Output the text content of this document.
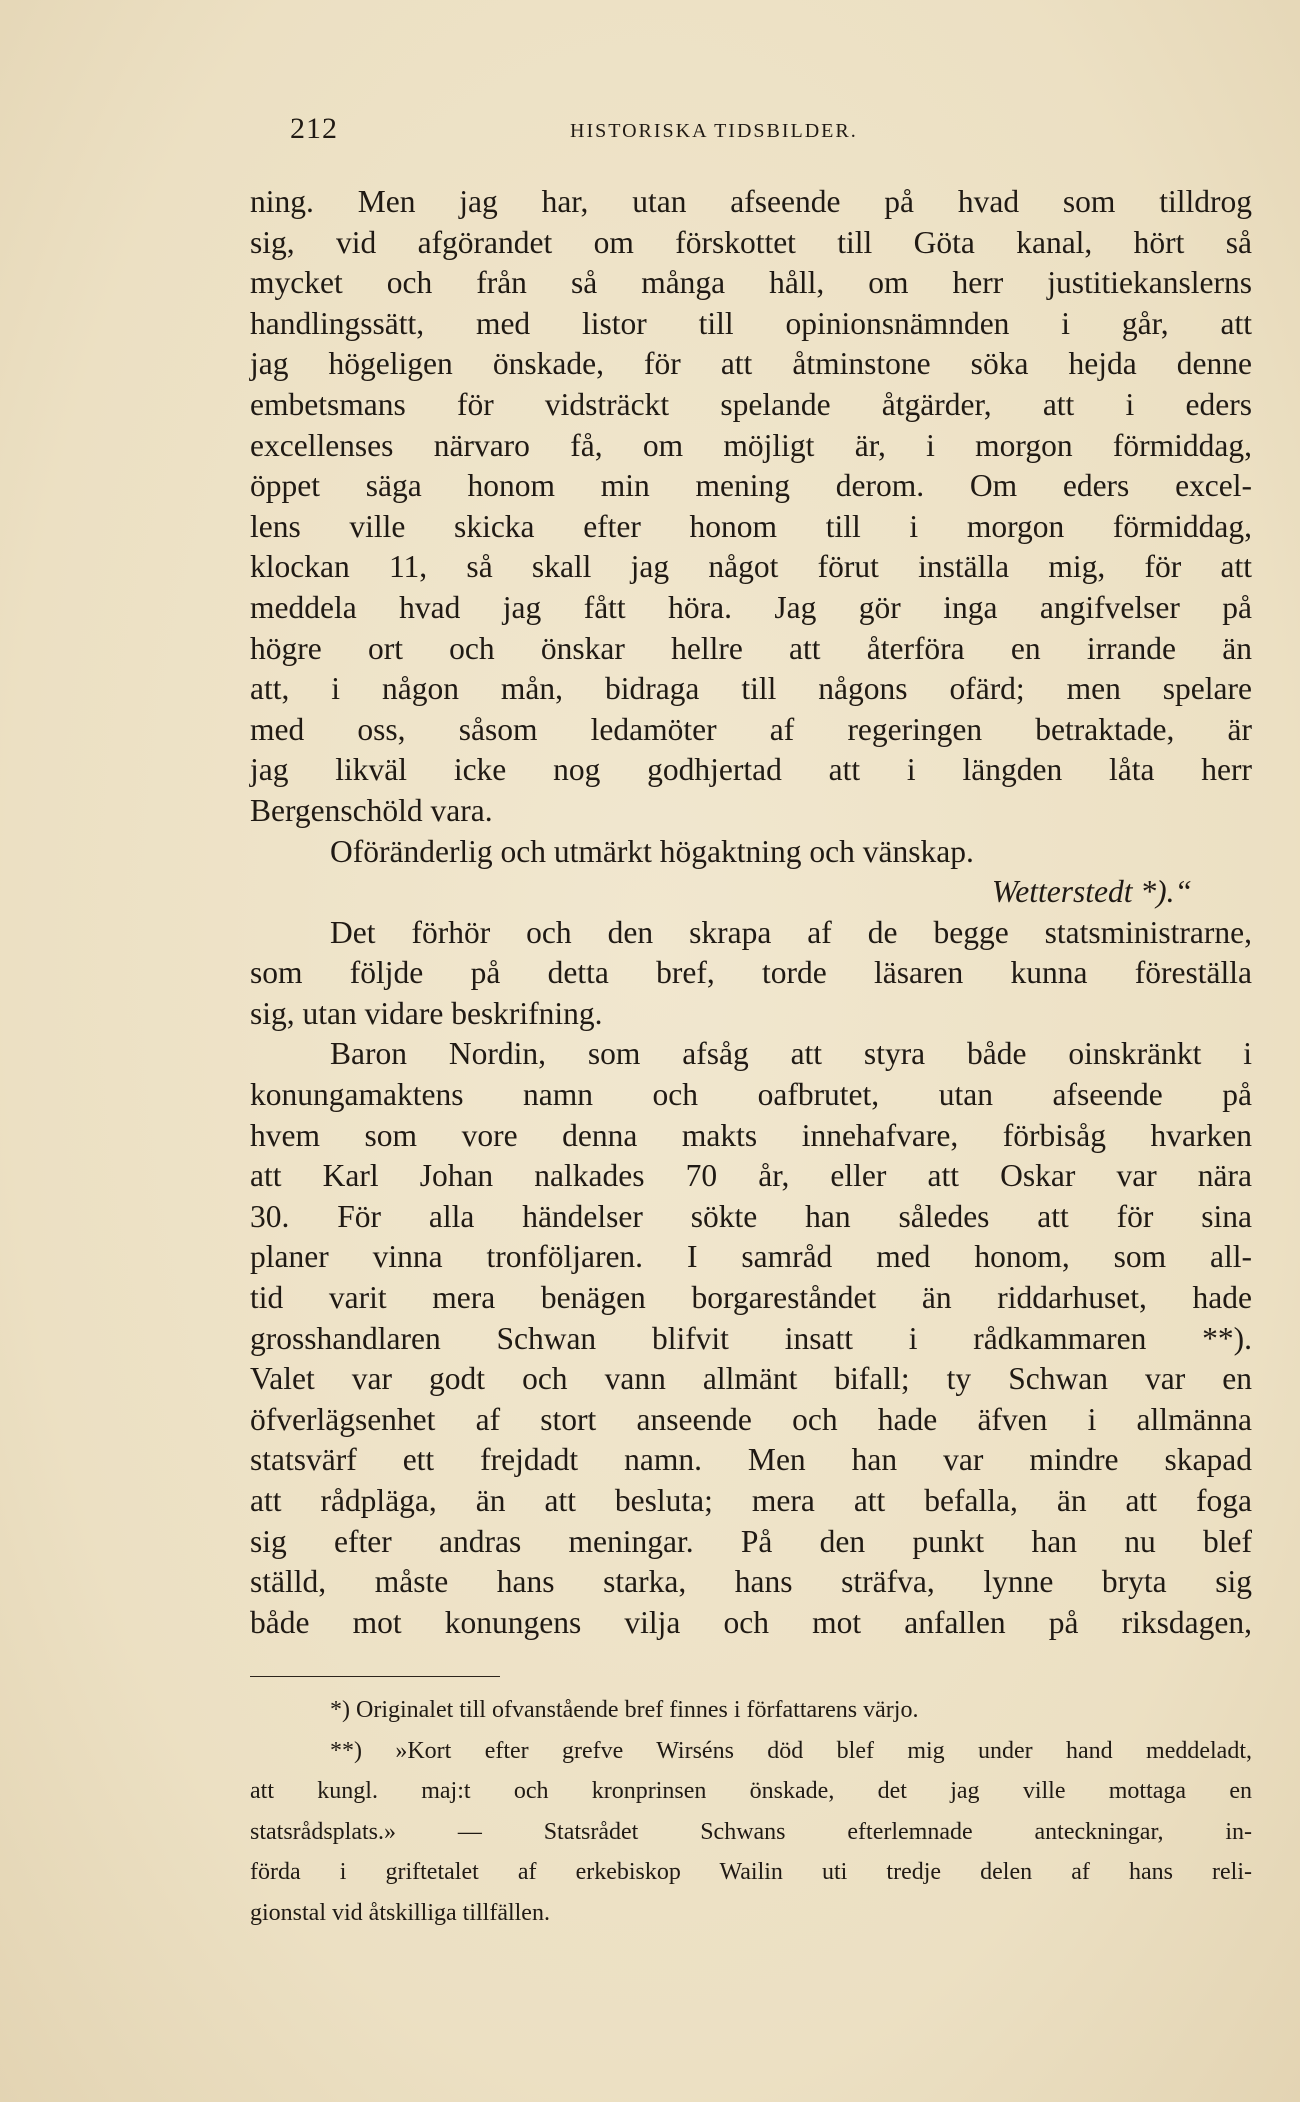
212	HISTORISKA TIDSBILDER.
ning. Men jag har, utan afseende på hvad som tilldrog
sig, vid afgörandet om förskottet till Göta kanal, hört så
mycket och från så många håll, om herr justitiekanslerns
handlingssätt, med listor till opinionsnämnden i går, att
jag högeligen önskade, för att åtminstone söka hejda denne
embetsmans för vidsträckt spelande åtgärder, att i eders
excellenses närvaro få, om möjligt är, i morgon förmiddag,
öppet säga honom min mening derom. Om eders excel-
lens ville skicka efter honom till i morgon förmiddag,
klockan 11, så skall jag något förut inställa mig, för att
meddela hvad jag fått höra. Jag gör inga angifvelser på
högre ort och önskar hellre att återföra en irrande än
att, i någon mån, bidraga till någons ofärd; men spelare
med oss, såsom ledamöter af regeringen betraktade, är
jag likväl icke nog godhjertad att i längden låta herr
Bergenschöld vara.
Oföränderlig och utmärkt högaktning och vänskap.
Wetterstedt *).“
Det förhör och den skrapa af de begge statsministrarne,
som följde på detta bref, torde läsaren kunna föreställa
sig, utan vidare beskrifning.
Baron Nordin, som afsåg att styra både oinskränkt i
konungamaktens namn och oafbrutet, utan afseende på
hvem som vore denna makts innehafvare, förbisåg hvarken
att Karl Johan nalkades 70 år, eller att Oskar var nära
30. För alla händelser sökte han således att för sina
planer vinna tronföljaren. I samråd med honom, som all-
tid varit mera benägen borgareståndet än riddarhuset, hade
grosshandlaren Schwan blifvit insatt i rådkammaren **).
Valet var godt och vann allmänt bifall; ty Schwan var en
öfverlägsenhet af stort anseende och hade äfven i allmänna
statsvärf ett frejdadt namn. Men han var mindre skapad
att rådpläga, än att besluta; mera att befalla, än att foga
sig efter andras meningar. På den punkt han nu blef
ställd, måste hans starka, hans sträfva, lynne bryta sig
både mot konungens vilja och mot anfallen på riksdagen,
*) Originalet till ofvanstående bref finnes i författarens värjo.
**) »Kort efter grefve Wirséns död blef mig under hand meddeladt,
att kungl. maj:t och kronprinsen önskade, det jag ville mottaga en
statsrådsplats.» — Statsrådet Schwans efterlemnade anteckningar, in-
förda i griftetalet af erkebiskop Wailin uti tredje delen af hans reli-
gionstal vid åtskilliga tillfällen.
